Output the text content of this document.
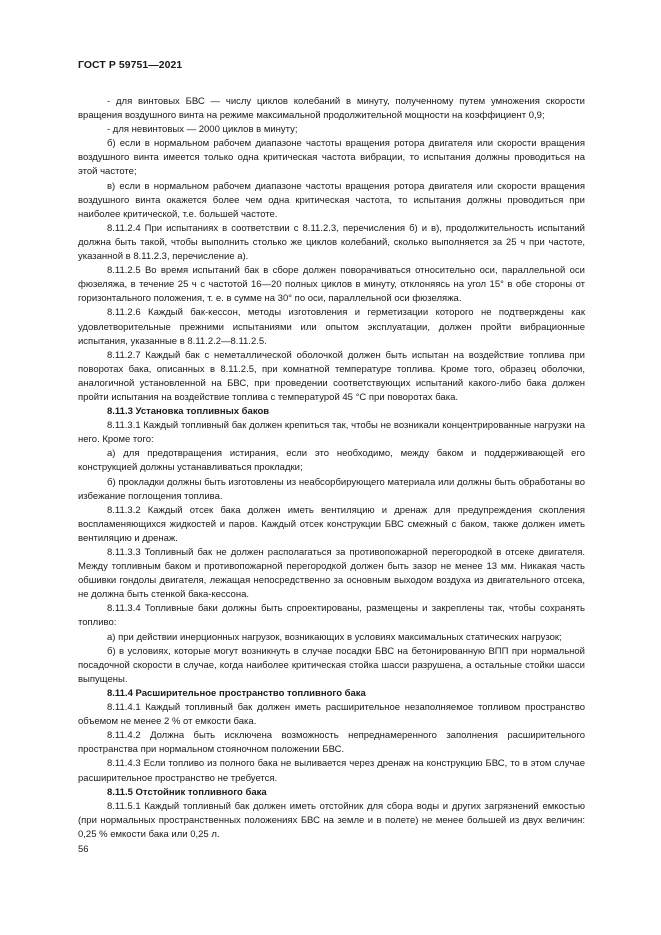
ГОСТ Р 59751—2021

- для винтовых БВС — числу циклов колебаний в минуту, полученному путем умножения скорости вращения воздушного винта на режиме максимальной продолжительной мощности на коэффициент 0,9;

- для невинтовых — 2000 циклов в минуту;

б) если в нормальном рабочем диапазоне частоты вращения ротора двигателя или скорости вращения воздушного винта имеется только одна критическая частота вибрации, то испытания должны проводиться на этой частоте;

в) если в нормальном рабочем диапазоне частоты вращения ротора двигателя или скорости вращения воздушного винта окажется более чем одна критическая частота, то испытания должны проводиться при наиболее критической, т.е. большей частоте.

8.11.2.4 При испытаниях в соответствии с 8.11.2.3, перечисления б) и в), продолжительность испытаний должна быть такой, чтобы выполнить столько же циклов колебаний, сколько выполняется за 25 ч при частоте, указанной в 8.11.2.3, перечисление а).

8.11.2.5 Во время испытаний бак в сборе должен поворачиваться относительно оси, параллельной оси фюзеляжа, в течение 25 ч с частотой 16—20 полных циклов в минуту, отклоняясь на угол 15° в обе стороны от горизонтального положения, т. е. в сумме на 30° по оси, параллельной оси фюзеляжа.

8.11.2.6 Каждый бак-кессон, методы изготовления и герметизации которого не подтверждены как удовлетворительные прежними испытаниями или опытом эксплуатации, должен пройти вибрационные испытания, указанные в 8.11.2.2—8.11.2.5.

8.11.2.7 Каждый бак с неметаллической оболочкой должен быть испытан на воздействие топлива при поворотах бака, описанных в 8.11.2.5, при комнатной температуре топлива. Кроме того, образец оболочки, аналогичной установленной на БВС, при проведении соответствующих испытаний какого-либо бака должен пройти испытания на воздействие топлива с температурой 45 °С при поворотах бака.

8.11.3 Установка топливных баков

8.11.3.1 Каждый топливный бак должен крепиться так, чтобы не возникали концентрированные нагрузки на него. Кроме того:

а) для предотвращения истирания, если это необходимо, между баком и поддерживающей его конструкцией должны устанавливаться прокладки;

б) прокладки должны быть изготовлены из неабсорбирующего материала или должны быть обработаны во избежание поглощения топлива.

8.11.3.2 Каждый отсек бака должен иметь вентиляцию и дренаж для предупреждения скопления воспламеняющихся жидкостей и паров. Каждый отсек конструкции БВС смежный с баком, также должен иметь вентиляцию и дренаж.

8.11.3.3 Топливный бак не должен располагаться за противопожарной перегородкой в отсеке двигателя. Между топливным баком и противопожарной перегородкой должен быть зазор не менее 13 мм. Никакая часть обшивки гондолы двигателя, лежащая непосредственно за основным выходом воздуха из двигательного отсека, не должна быть стенкой бака-кессона.

8.11.3.4 Топливные баки должны быть спроектированы, размещены и закреплены так, чтобы сохранять топливо:

а) при действии инерционных нагрузок, возникающих в условиях максимальных статических нагрузок;

б) в условиях, которые могут возникнуть в случае посадки БВС на бетонированную ВПП при нормальной посадочной скорости в случае, когда наиболее критическая стойка шасси разрушена, а остальные стойки шасси выпущены.

8.11.4 Расширительное пространство топливного бака

8.11.4.1 Каждый топливный бак должен иметь расширительное незаполняемое топливом пространство объемом не менее 2 % от емкости бака.

8.11.4.2 Должна быть исключена возможность непреднамеренного заполнения расширительного пространства при нормальном стояночном положении БВС.

8.11.4.3 Если топливо из полного бака не выливается через дренаж на конструкцию БВС, то в этом случае расширительное пространство не требуется.

8.11.5 Отстойник топливного бака

8.11.5.1 Каждый топливный бак должен иметь отстойник для сбора воды и других загрязнений емкостью (при нормальных пространственных положениях БВС на земле и в полете) не менее большей из двух величин: 0,25 % емкости бака или 0,25 л.

56
